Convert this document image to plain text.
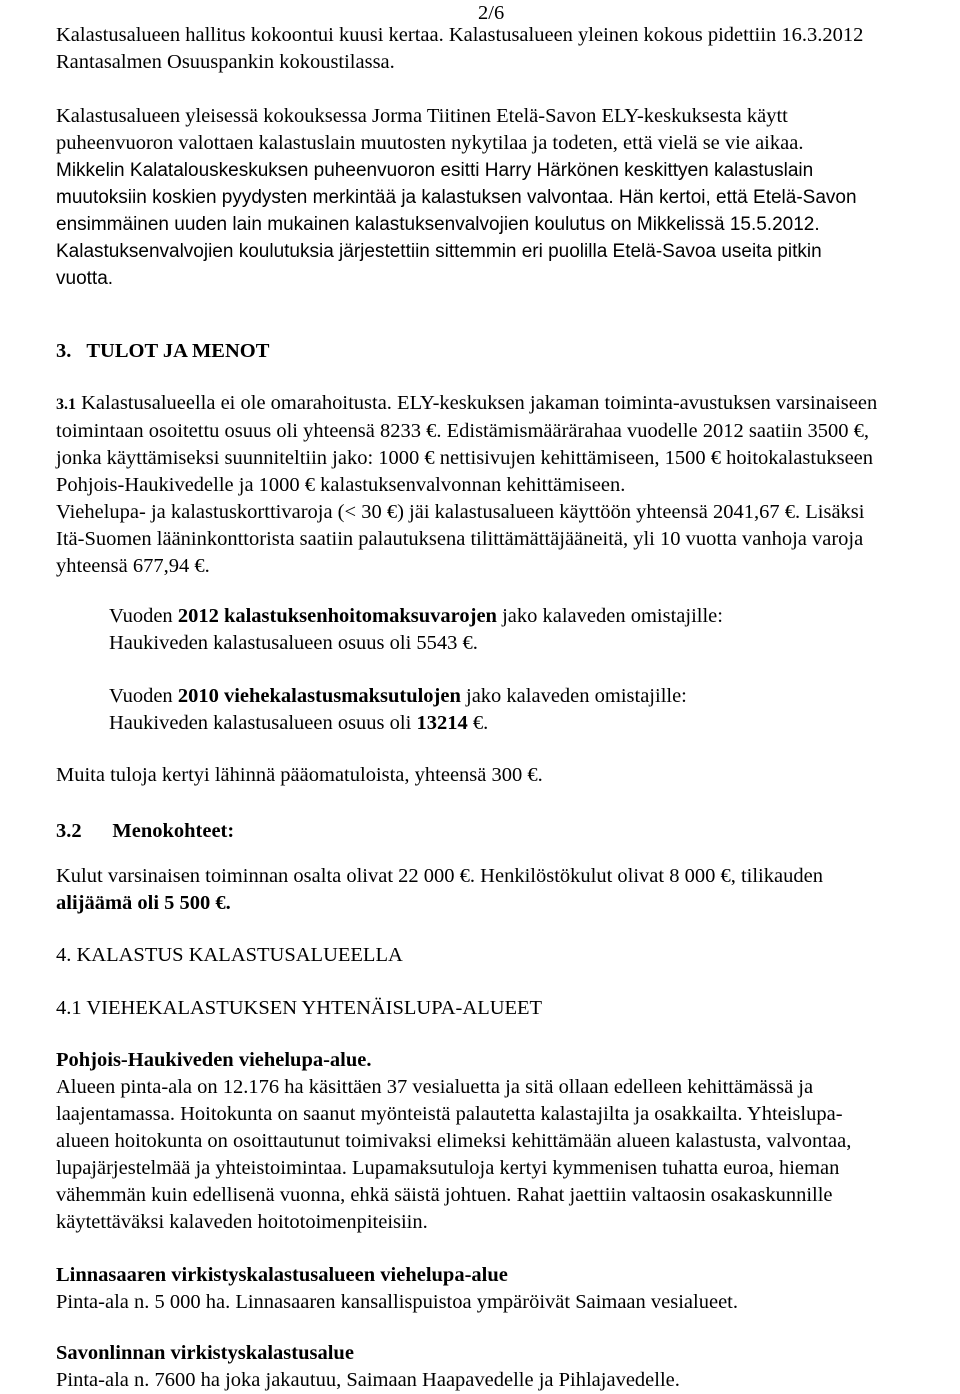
2/6
Kalastusalueen hallitus kokoontui kuusi kertaa. Kalastusalueen yleinen kokous pidettiin 16.3.2012
Rantasalmen Osuuspankin kokoustilassa.
Kalastusalueen yleisessä kokouksessa Jorma Tiitinen Etelä-Savon ELY-keskuksesta käytt
puheenvuoron valottaen kalastuslain muutosten nykytilaa ja todeten, että vielä se vie aikaa.
Mikkelin Kalatalouskeskuksen puheenvuoron esitti Harry Härkönen keskittyen kalastuslain
muutoksiin koskien pyydysten merkintää ja kalastuksen valvontaa. Hän kertoi, että Etelä-Savon
ensimmäinen uuden lain mukainen kalastuksenvalvojien koulutus on Mikkelissä 15.5.2012.
Kalastuksenvalvojien koulutuksia järjestettiin sittemmin eri puolilla Etelä-Savoa useita pitkin
vuotta.
3.   TULOT JA MENOT
3.1 Kalastusalueella ei ole omarahoitusta. ELY-keskuksen jakaman toiminta-avustuksen varsinaiseen
toimintaan osoitettu osuus oli yhteensä 8233 €. Edistämismäärärahaa vuodelle 2012 saatiin 3500 €,
jonka käyttämiseksi suunniteltiin jako: 1000 € nettisivujen kehittämiseen, 1500 € hoitokalastukseen
Pohjois-Haukivedelle ja 1000 € kalastuksenvalvonnan kehittämiseen.
Viehelupa- ja kalastuskorttivaroja (< 30 €) jäi kalastusalueen käyttöön yhteensä 2041,67 €. Lisäksi
Itä-Suomen lääninkonttorista saatiin palautuksena tilittämättäjääneitä, yli 10 vuotta vanhoja varoja
yhteensä 677,94 €.
Vuoden 2012 kalastuksenhoitomaksuvarojen jako kalaveden omistajille:
Haukiveden kalastusalueen osuus oli 5543 €.
Vuoden 2010 viehekalastusmaksutulojen jako kalaveden omistajille:
Haukiveden kalastusalueen osuus oli 13214 €.
Muita tuloja kertyi lähinnä pääomatuloista, yhteensä 300 €.
3.2      Menokohteet:
Kulut varsinaisen toiminnan osalta olivat 22 000 €. Henkilöstökulut olivat 8 000 €, tilikauden
alijäämä oli 5 500 €.
4. KALASTUS KALASTUSALUEELLA
4.1 VIEHEKALASTUKSEN YHTENÄISLUPA-ALUEET
Pohjois-Haukiveden viehelupa-alue.
Alueen pinta-ala on 12.176 ha käsittäen 37 vesialuetta ja sitä ollaan edelleen kehittämässä ja
laajentamassa. Hoitokunta on saanut myönteistä palautetta kalastajilta ja osakkailta. Yhteislupa-
alueen hoitokunta on osoittautunut toimivaksi elimeksi kehittämään alueen kalastusta, valvontaa,
lupajärjestelmää ja yhteistoimintaa. Lupamaksutuloja kertyi kymmenisen tuhatta euroa, hieman
vähemmän kuin edellisenä vuonna, ehkä säistä johtuen. Rahat jaettiin valtaosin osakaskunnille
käytettäväksi kalaveden hoitotoimenpiteisiin.
Linnasaaren virkistyskalastusalueen viehelupa-alue
Pinta-ala n. 5 000 ha. Linnasaaren kansallispuistoa ympäröivät Saimaan vesialueet.
Savonlinnan virkistyskalastusalue
Pinta-ala n. 7600 ha joka jakautuu, Saimaan Haapavedelle ja Pihlajavedelle.
